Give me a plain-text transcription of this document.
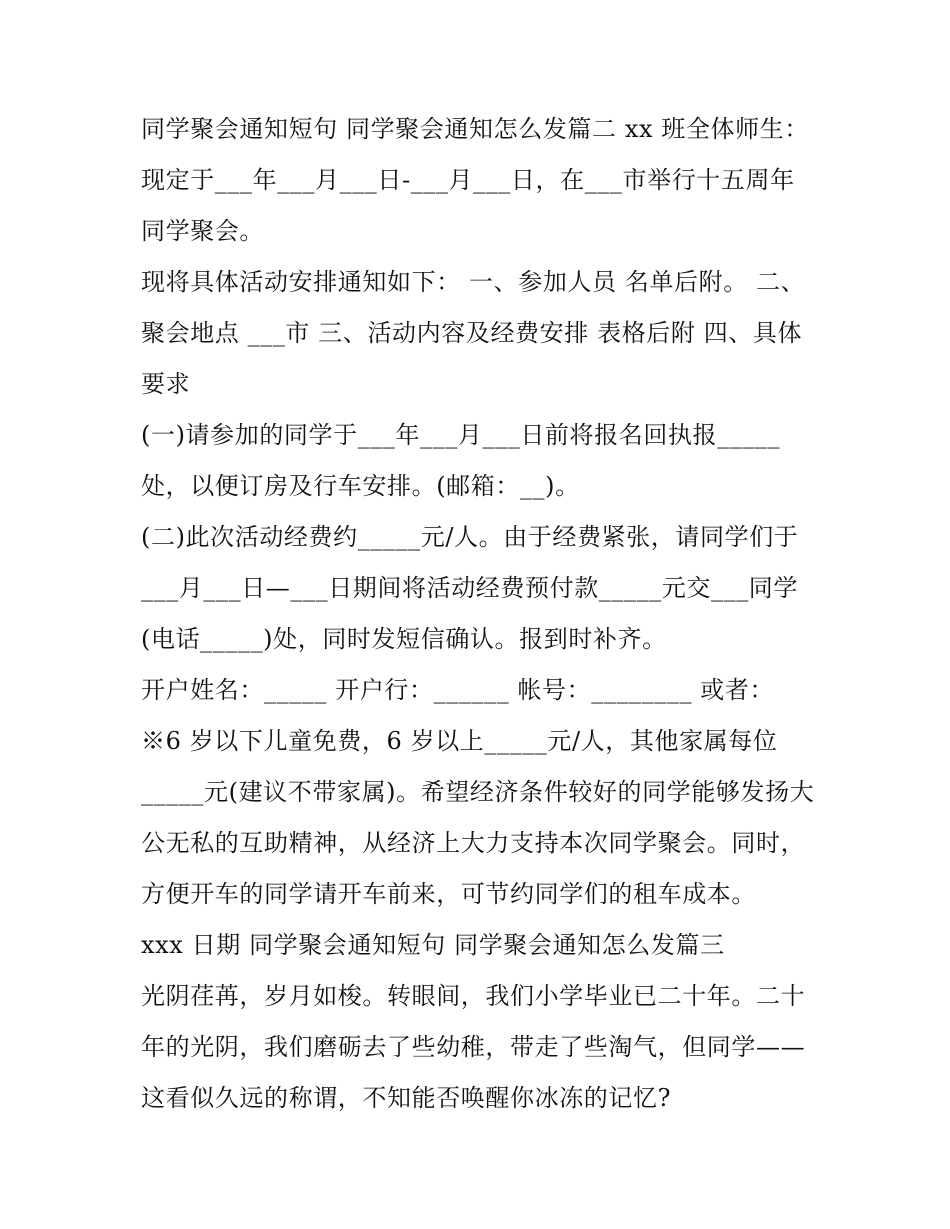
同学聚会通知短句 同学聚会通知怎么发篇二 xx 班全体师生：
现定于___年___月___日-___月___日，在___市举行十五周年
同学聚会。
现将具体活动安排通知如下： 一、参加人员 名单后附。 二、
聚会地点 ___市 三、活动内容及经费安排 表格后附 四、具体
要求
(一)请参加的同学于___年___月___日前将报名回执报_____
处，以便订房及行车安排。(邮箱：__)。
(二)此次活动经费约_____元/人。由于经费紧张，请同学们于
___月___日—___日期间将活动经费预付款_____元交___同学
(电话_____)处，同时发短信确认。报到时补齐。
开户姓名：_____ 开户行：______ 帐号：________ 或者：
※6 岁以下儿童免费，6 岁以上_____元/人，其他家属每位
_____元(建议不带家属)。希望经济条件较好的同学能够发扬大
公无私的互助精神，从经济上大力支持本次同学聚会。同时，
方便开车的同学请开车前来，可节约同学们的租车成本。
xxx 日期 同学聚会通知短句 同学聚会通知怎么发篇三
光阴荏苒，岁月如梭。转眼间，我们小学毕业已二十年。二十
年的光阴，我们磨砺去了些幼稚，带走了些淘气，但同学——
这看似久远的称谓，不知能否唤醒你冰冻的记忆?
